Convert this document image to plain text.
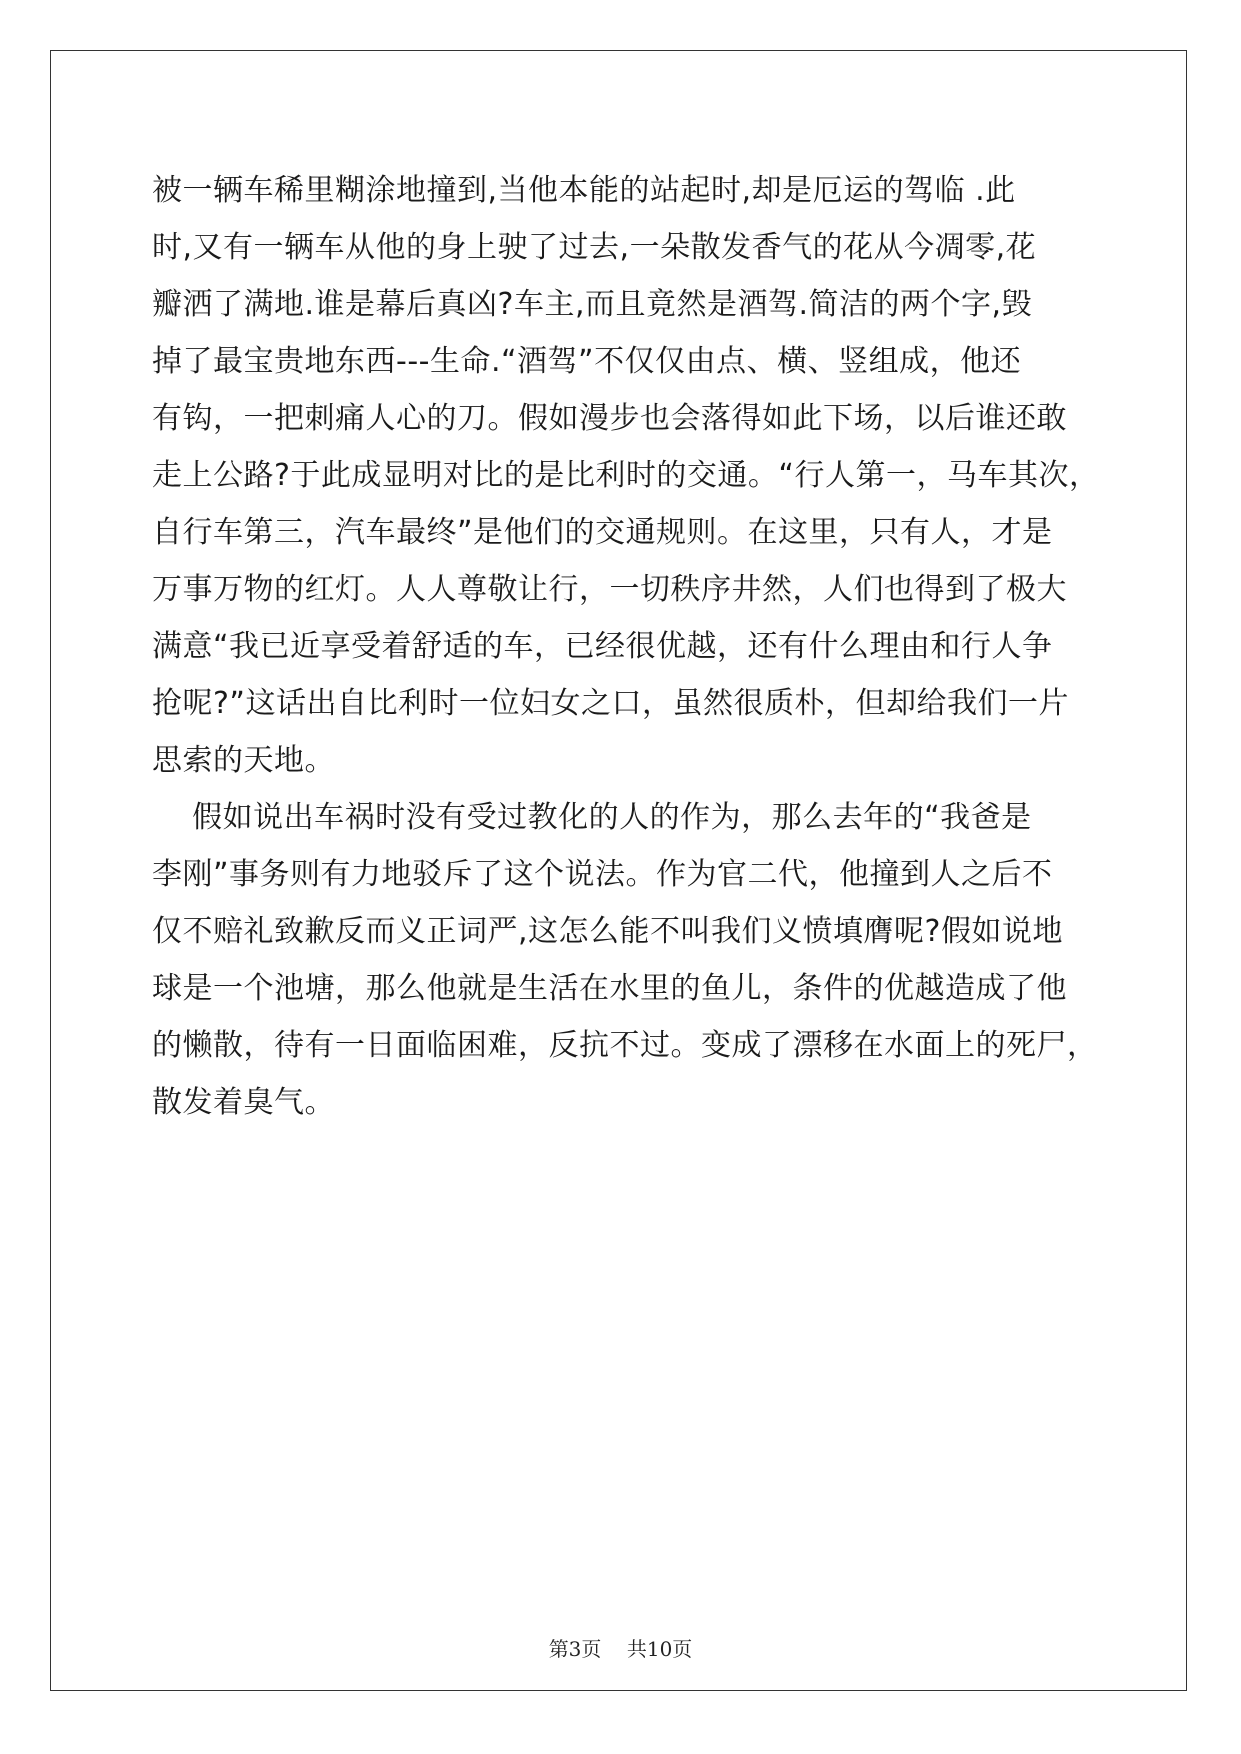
被一辆车稀里糊涂地撞到,当他本能的站起时,却是厄运的驾临 .此
时,又有一辆车从他的身上驶了过去,一朵散发香气的花从今凋零,花
瓣洒了满地.谁是幕后真凶?车主,而且竟然是酒驾.简洁的两个字,毁
掉了最宝贵地东西---生命.“酒驾”不仅仅由点、横、竖组成，他还
有钩，一把刺痛人心的刀。假如漫步也会落得如此下场，以后谁还敢
走上公路?于此成显明对比的是比利时的交通。“行人第一，马车其次，
自行车第三，汽车最终”是他们的交通规则。在这里，只有人，才是
万事万物的红灯。人人尊敬让行，一切秩序井然，人们也得到了极大
满意“我已近享受着舒适的车，已经很优越，还有什么理由和行人争
抢呢?”这话出自比利时一位妇女之口，虽然很质朴，但却给我们一片
思索的天地。
假如说出车祸时没有受过教化的人的作为，那么去年的“我爸是
李刚”事务则有力地驳斥了这个说法。作为官二代，他撞到人之后不
仅不赔礼致歉反而义正词严,这怎么能不叫我们义愤填膺呢?假如说地
球是一个池塘，那么他就是生活在水里的鱼儿，条件的优越造成了他
的懒散，待有一日面临困难，反抗不过。变成了漂移在水面上的死尸，
散发着臭气。
第3页    共10页
